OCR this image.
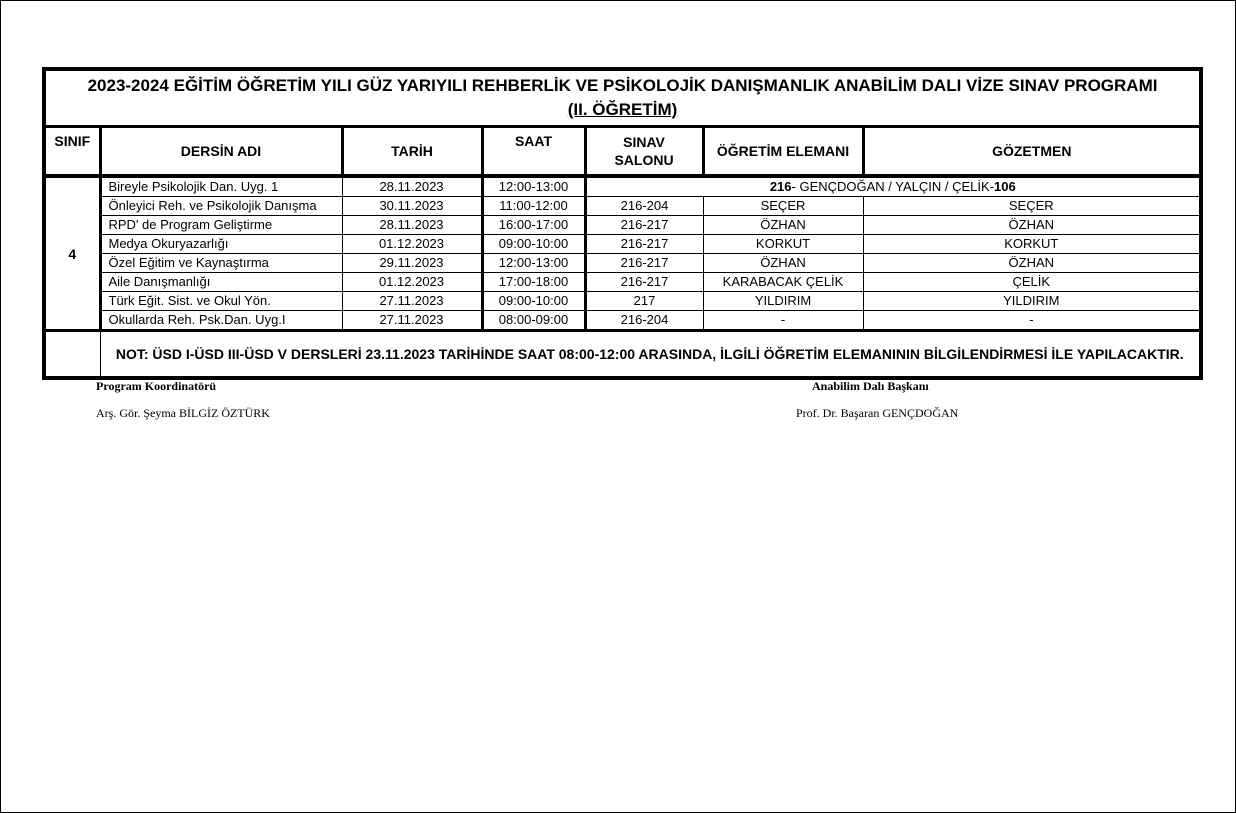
2023-2024 EĞİTİM ÖĞRETİM YILI GÜZ YARIYILI REHBERLİK VE PSİKOLOJİK DANIŞMANLIK ANABİLİM DALI VİZE SINAV PROGRAMI
(II. ÖĞRETİM)						

SINIF	DERSİN ADI	TARİH	SAAT	SINAV
SALONU	ÖĞRETİM ELEMANI	GÖZETMEN
4	Bireyle Psikolojik Dan. Uyg. 1	28.11.2023	12:00-13:00	216- GENÇDOĞAN / YALÇIN / ÇELİK-106		
	Önleyici Reh. ve Psikolojik Danışma	30.11.2023	11:00-12:00	216-204	SEÇER	SEÇER
	RPD' de Program Geliştirme	28.11.2023	16:00-17:00	216-217	ÖZHAN	ÖZHAN
	Medya Okuryazarlığı	01.12.2023	09:00-10:00	216-217	KORKUT	KORKUT
	Özel Eğitim ve Kaynaştırma	29.11.2023	12:00-13:00	216-217	ÖZHAN	ÖZHAN
	Aile Danışmanlığı	01.12.2023	17:00-18:00	216-217	KARABACAK ÇELİK	ÇELİK
	Türk Eğit. Sist. ve Okul Yön.	27.11.2023	09:00-10:00	217	YILDIRIM	YILDIRIM
	Okullarda Reh. Psk.Dan. Uyg.I	27.11.2023	08:00-09:00	216-204	-	-
	NOT: ÜSD I-ÜSD III-ÜSD V DERSLERİ 23.11.2023 TARİHİNDE SAAT 08:00-12:00 ARASINDA, İLGİLİ ÖĞRETİM ELEMANININ BİLGİLENDİRMESİ İLE YAPILACAKTIR.					
Program Koordinatörü
Arş. Gör. Şeyma BİLGİZ ÖZTÜRK
Anabilim Dalı Başkanı
Prof. Dr. Başaran GENÇDOĞAN
